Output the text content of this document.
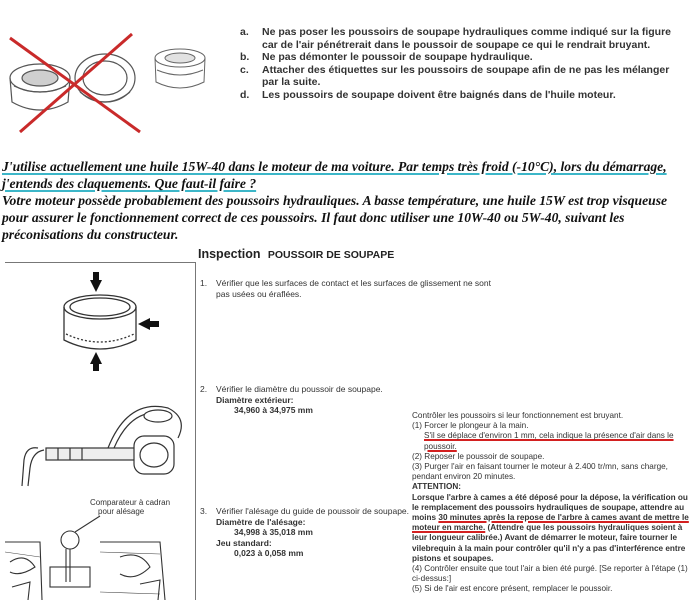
a.	Ne pas poser les poussoirs de soupape hydrauliques comme indiqué sur la figure car de l'air pénétrerait dans le poussoir de soupape ce qui le rendrait bruyant.
b.	Ne pas démonter le poussoir de soupape hydraulique.
c.	Attacher des étiquettes sur les poussoirs de soupape afin de ne pas les mélanger par la suite.
d.	Les poussoirs de soupape doivent être baignés dans de l'huile moteur.
J'utilise actuellement une huile 15W-40 dans le moteur de ma voiture. Par temps très froid (-10°C), lors du démarrage, j'entends des claquements. Que faut-il faire ?
Votre moteur possède probablement des poussoirs hydrauliques. A basse température, une huile 15W est trop visqueuse pour assurer le fonctionnement correct de ces poussoirs. Il faut donc utiliser une 10W-40 ou 5W-40, suivant les préconisations du constructeur.
Inspection POUSSOIR DE SOUPAPE
1. Vérifier que les surfaces de contact et les surfaces de glissement ne sont pas usées ou éraflées.
2. Vérifier le diamètre du poussoir de soupape.
Diamètre extérieur:
34,960 à 34,975 mm
Comparateur à cadran
pour alésage	3. Vérifier l'alésage du guide de poussoir de soupape.
Diamètre de l'alésage:
34,998 à 35,018 mm
Jeu standard:
0,023 à 0,058 mm
Contrôler les poussoirs si leur fonctionnement est bruyant.
(1) Forcer le plongeur à la main.
S'il se déplace d'environ 1 mm, cela indique la présence d'air dans le poussoir.
(2) Reposer le poussoir de soupape.
(3) Purger l'air en faisant tourner le moteur à 2.400 tr/mn, sans charge, pendant environ 20 minutes.
ATTENTION:
Lorsque l'arbre à cames a été déposé pour la dépose, la vérification ou le remplacement des poussoirs hydrauliques de soupape, attendre au moins 30 minutes après la repose de l'arbre à cames avant de mettre le moteur en marche. (Attendre que les poussoirs hydrauliques soient à leur longueur calibrée.) Avant de démarrer le moteur, faire tourner le vilebrequin à la main pour contrôler qu'il n'y a pas d'interférence entre pistons et soupapes.
(4) Contrôler ensuite que tout l'air a bien été purgé. [Se reporter à l'étape (1) ci-dessus:]
(5) Si de l'air est encore présent, remplacer le poussoir.
